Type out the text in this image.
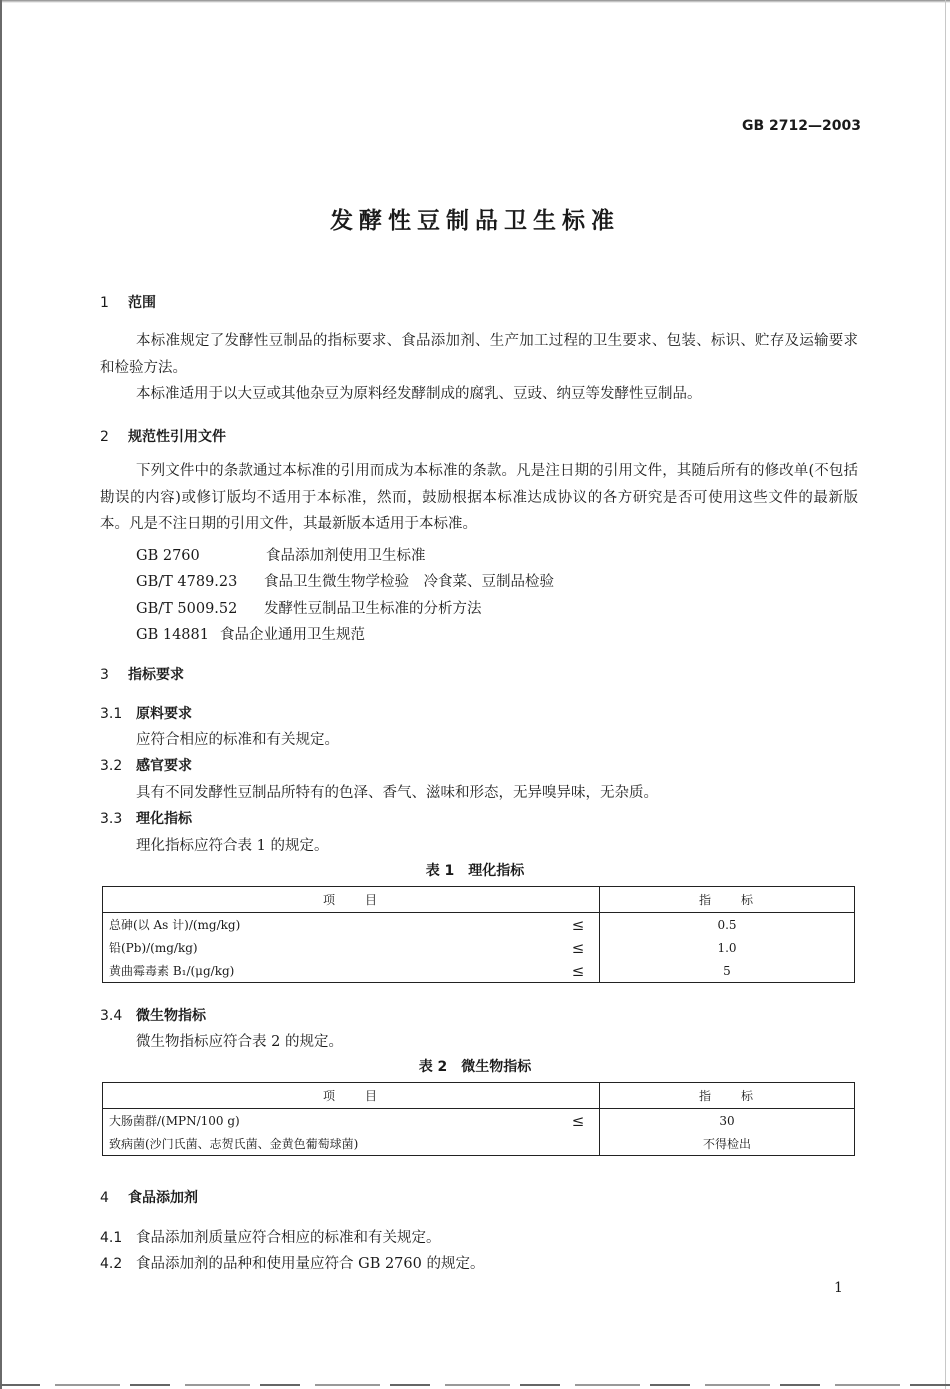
GB 2712—2003
发酵性豆制品卫生标准
1 范围
本标准规定了发酵性豆制品的指标要求、食品添加剂、生产加工过程的卫生要求、包装、标识、贮存及运输要求和检验方法。
本标准适用于以大豆或其他杂豆为原料经发酵制成的腐乳、豆豉、纳豆等发酵性豆制品。
2 规范性引用文件
下列文件中的条款通过本标准的引用而成为本标准的条款。凡是注日期的引用文件，其随后所有的修改单(不包括勘误的内容)或修订版均不适用于本标准，然而，鼓励根据本标准达成协议的各方研究是否可使用这些文件的最新版本。凡是不注日期的引用文件，其最新版本适用于本标准。
GB 2760	食品添加剂使用卫生标准
GB/T 4789.23 食品卫生微生物学检验　冷食菜、豆制品检验
GB/T 5009.52 发酵性豆制品卫生标准的分析方法
GB 14881 食品企业通用卫生规范
3 指标要求
3.1 原料要求
应符合相应的标准和有关规定。
3.2 感官要求
具有不同发酵性豆制品所特有的色泽、香气、滋味和形态，无异嗅异味，无杂质。
3.3 理化指标
理化指标应符合表 1 的规定。
表 1　理化指标
项　　目		指　　标
总砷(以 As 计)/(mg/kg)	≤	0.5
铅(Pb)/(mg/kg)	≤	1.0
黄曲霉毒素 B₁/(μg/kg)	≤	5
3.4 微生物指标
微生物指标应符合表 2 的规定。
表 2　微生物指标
项　　目		指　　标
大肠菌群/(MPN/100 g)	≤	30
致病菌(沙门氏菌、志贺氏菌、金黄色葡萄球菌)		不得检出
4 食品添加剂
4.1 食品添加剂质量应符合相应的标准和有关规定。
4.2 食品添加剂的品种和使用量应符合 GB 2760 的规定。
1
